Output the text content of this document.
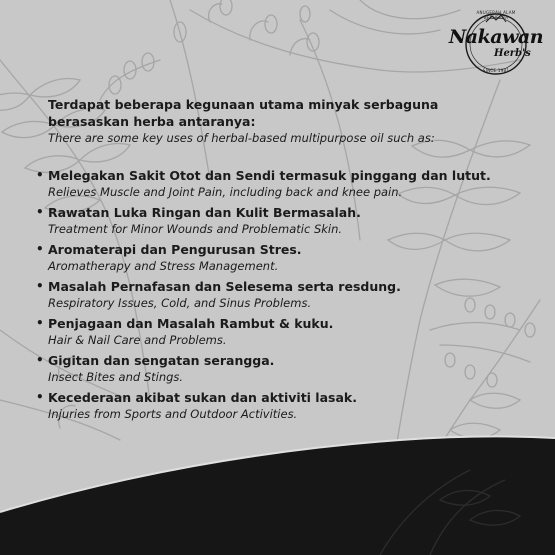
ANUGERAH ALAM BERHERBA
Nakawan
Herb's
SINCE 1981

Terdapat beberapa kegunaan utama minyak serbaguna berasaskan herba antaranya:

There are some key uses of herbal-based multipurpose oil such as:

• Melegakan Sakit Otot dan Sendi termasuk pinggang dan lutut.
Relieves Muscle and Joint Pain, including back and knee pain.
• Rawatan Luka Ringan dan Kulit Bermasalah.
Treatment for Minor Wounds and Problematic Skin.
• Aromaterapi dan Pengurusan Stres.
Aromatherapy and Stress Management.
• Masalah Pernafasan dan Selesema serta resdung.
Respiratory Issues, Cold, and Sinus Problems.
• Penjagaan dan Masalah Rambut & kuku.
Hair & Nail Care and Problems.
• Gigitan dan sengatan serangga.
Insect Bites and Stings.
• Kecederaan akibat sukan dan aktiviti lasak.
Injuries from Sports and Outdoor Activities.
